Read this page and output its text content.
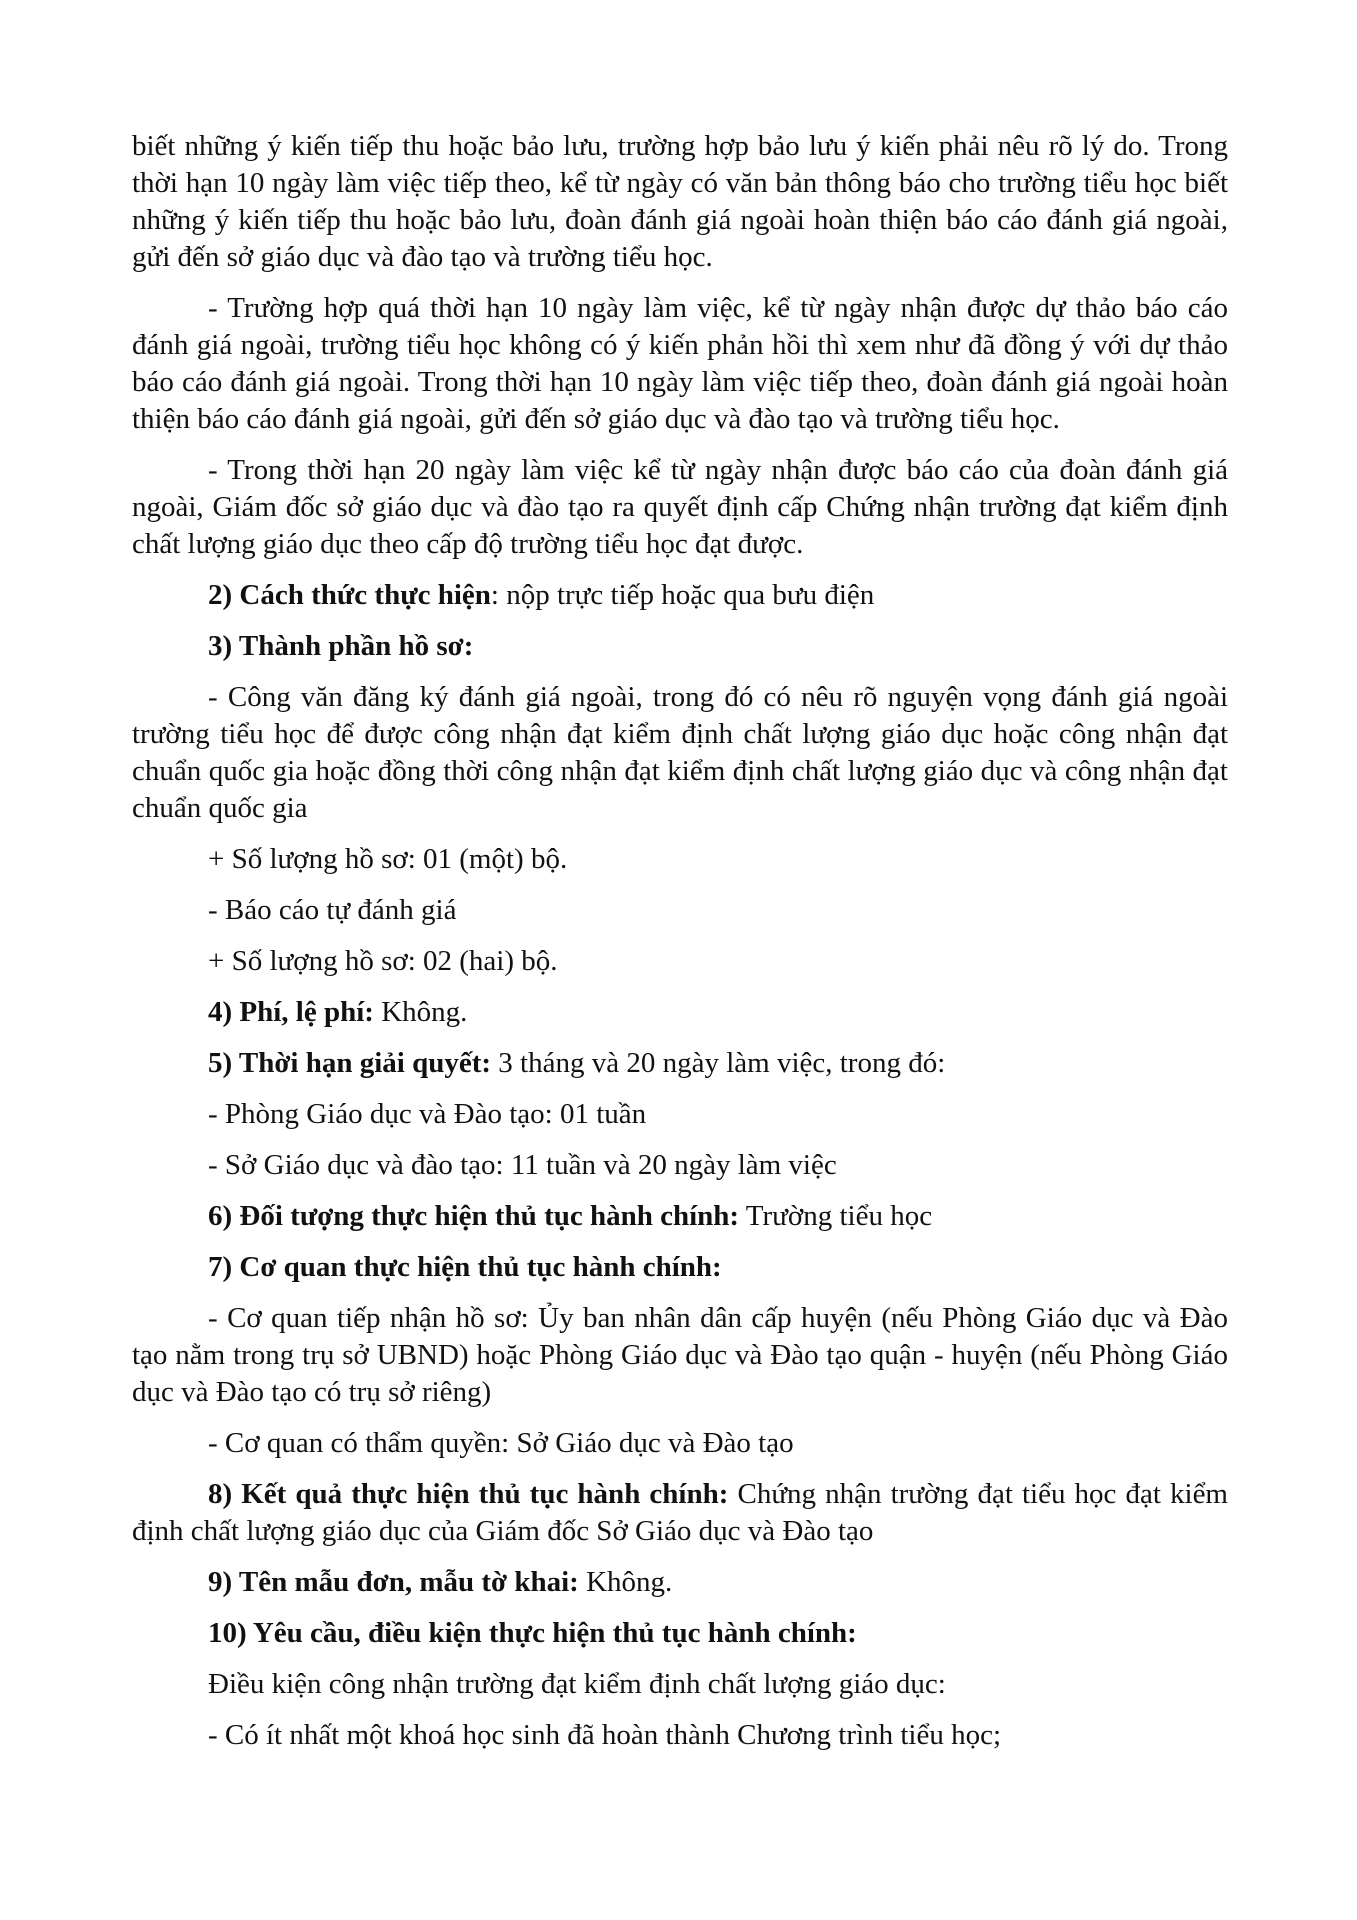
biết những ý kiến tiếp thu hoặc bảo lưu, trường hợp bảo lưu ý kiến phải nêu rõ lý do. Trong thời hạn 10 ngày làm việc tiếp theo, kể từ ngày có văn bản thông báo cho trường tiểu học biết những ý kiến tiếp thu hoặc bảo lưu, đoàn đánh giá ngoài hoàn thiện báo cáo đánh giá ngoài, gửi đến sở giáo dục và đào tạo và trường tiểu học.

- Trường hợp quá thời hạn 10 ngày làm việc, kể từ ngày nhận được dự thảo báo cáo đánh giá ngoài, trường tiểu học không có ý kiến phản hồi thì xem như đã đồng ý với dự thảo báo cáo đánh giá ngoài. Trong thời hạn 10 ngày làm việc tiếp theo, đoàn đánh giá ngoài hoàn thiện báo cáo đánh giá ngoài, gửi đến sở giáo dục và đào tạo và trường tiểu học.

- Trong thời hạn 20 ngày làm việc kể từ ngày nhận được báo cáo của đoàn đánh giá ngoài, Giám đốc sở giáo dục và đào tạo ra quyết định cấp Chứng nhận trường đạt kiểm định chất lượng giáo dục theo cấp độ trường tiểu học đạt được.

2) Cách thức thực hiện: nộp trực tiếp hoặc qua bưu điện

3) Thành phần hồ sơ:

- Công văn đăng ký đánh giá ngoài, trong đó có nêu rõ nguyện vọng đánh giá ngoài trường tiểu học để được công nhận đạt kiểm định chất lượng giáo dục hoặc công nhận đạt chuẩn quốc gia hoặc đồng thời công nhận đạt kiểm định chất lượng giáo dục và công nhận đạt chuẩn quốc gia

+ Số lượng hồ sơ: 01 (một) bộ.

- Báo cáo tự đánh giá

+ Số lượng hồ sơ: 02 (hai) bộ.

4) Phí, lệ phí: Không.

5) Thời hạn giải quyết: 3 tháng và 20 ngày làm việc, trong đó:

- Phòng Giáo dục và Đào tạo: 01 tuần

- Sở Giáo dục và đào tạo: 11 tuần và 20 ngày làm việc

6) Đối tượng thực hiện thủ tục hành chính: Trường tiểu học

7) Cơ quan thực hiện thủ tục hành chính:

- Cơ quan tiếp nhận hồ sơ: Ủy ban nhân dân cấp huyện (nếu Phòng Giáo dục và Đào tạo nằm trong trụ sở UBND) hoặc Phòng Giáo dục và Đào tạo quận - huyện (nếu Phòng Giáo dục và Đào tạo có trụ sở riêng)

- Cơ quan có thẩm quyền: Sở Giáo dục và Đào tạo

8) Kết quả thực hiện thủ tục hành chính: Chứng nhận trường đạt tiểu học đạt kiểm định chất lượng giáo dục của Giám đốc Sở Giáo dục và Đào tạo

9) Tên mẫu đơn, mẫu tờ khai: Không.

10) Yêu cầu, điều kiện thực hiện thủ tục hành chính:

Điều kiện công nhận trường đạt kiểm định chất lượng giáo dục:

- Có ít nhất một khoá học sinh đã hoàn thành Chương trình tiểu học;
